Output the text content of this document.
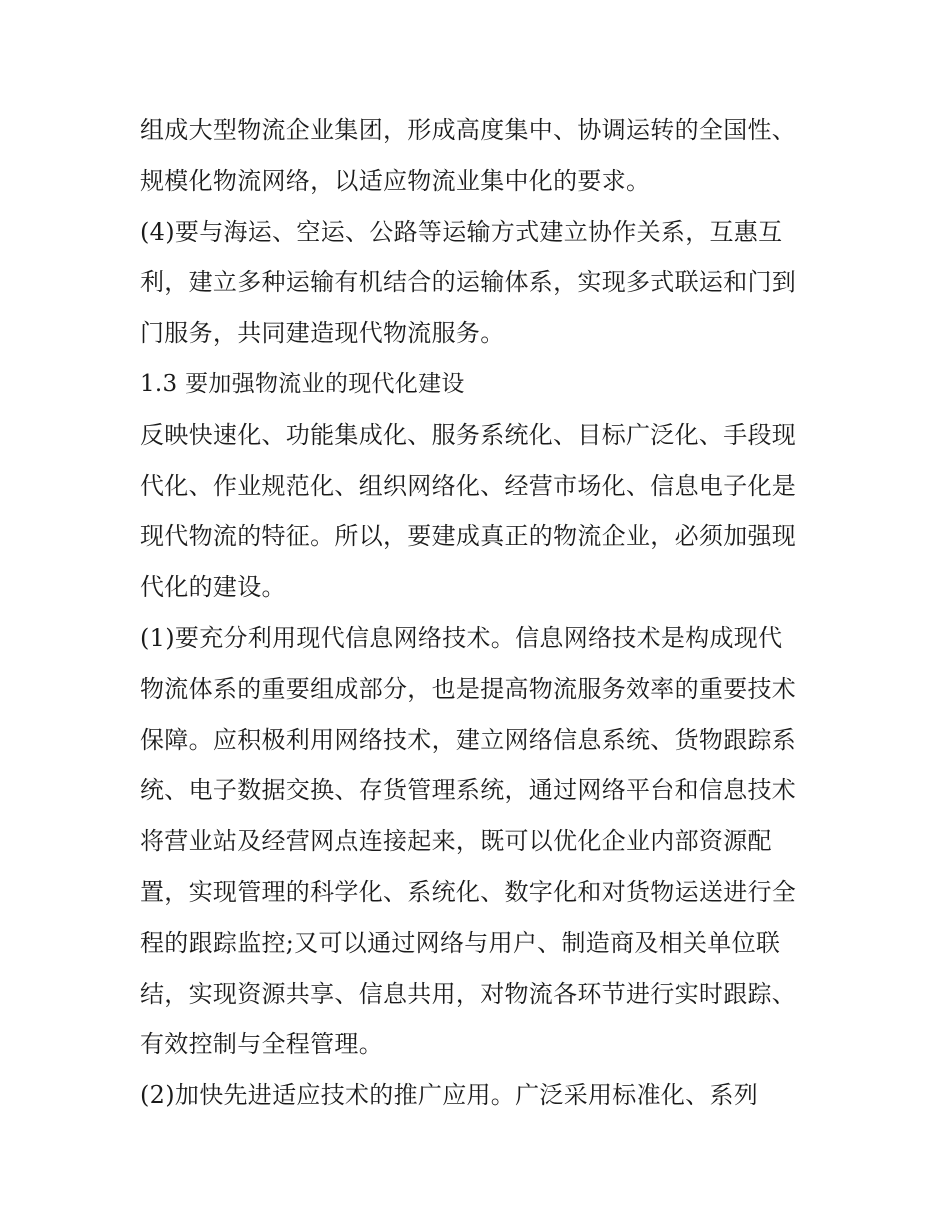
组成大型物流企业集团，形成高度集中、协调运转的全国性、
规模化物流网络，以适应物流业集中化的要求。
(4)要与海运、空运、公路等运输方式建立协作关系，互惠互
利，建立多种运输有机结合的运输体系，实现多式联运和门到
门服务，共同建造现代物流服务。
1.3 要加强物流业的现代化建设
反映快速化、功能集成化、服务系统化、目标广泛化、手段现
代化、作业规范化、组织网络化、经营市场化、信息电子化是
现代物流的特征。所以，要建成真正的物流企业，必须加强现
代化的建设。
(1)要充分利用现代信息网络技术。信息网络技术是构成现代
物流体系的重要组成部分，也是提高物流服务效率的重要技术
保障。应积极利用网络技术，建立网络信息系统、货物跟踪系
统、电子数据交换、存货管理系统，通过网络平台和信息技术
将营业站及经营网点连接起来，既可以优化企业内部资源配
置，实现管理的科学化、系统化、数字化和对货物运送进行全
程的跟踪监控;又可以通过网络与用户、制造商及相关单位联
结，实现资源共享、信息共用，对物流各环节进行实时跟踪、
有效控制与全程管理。
(2)加快先进适应技术的推广应用。广泛采用标准化、系列
